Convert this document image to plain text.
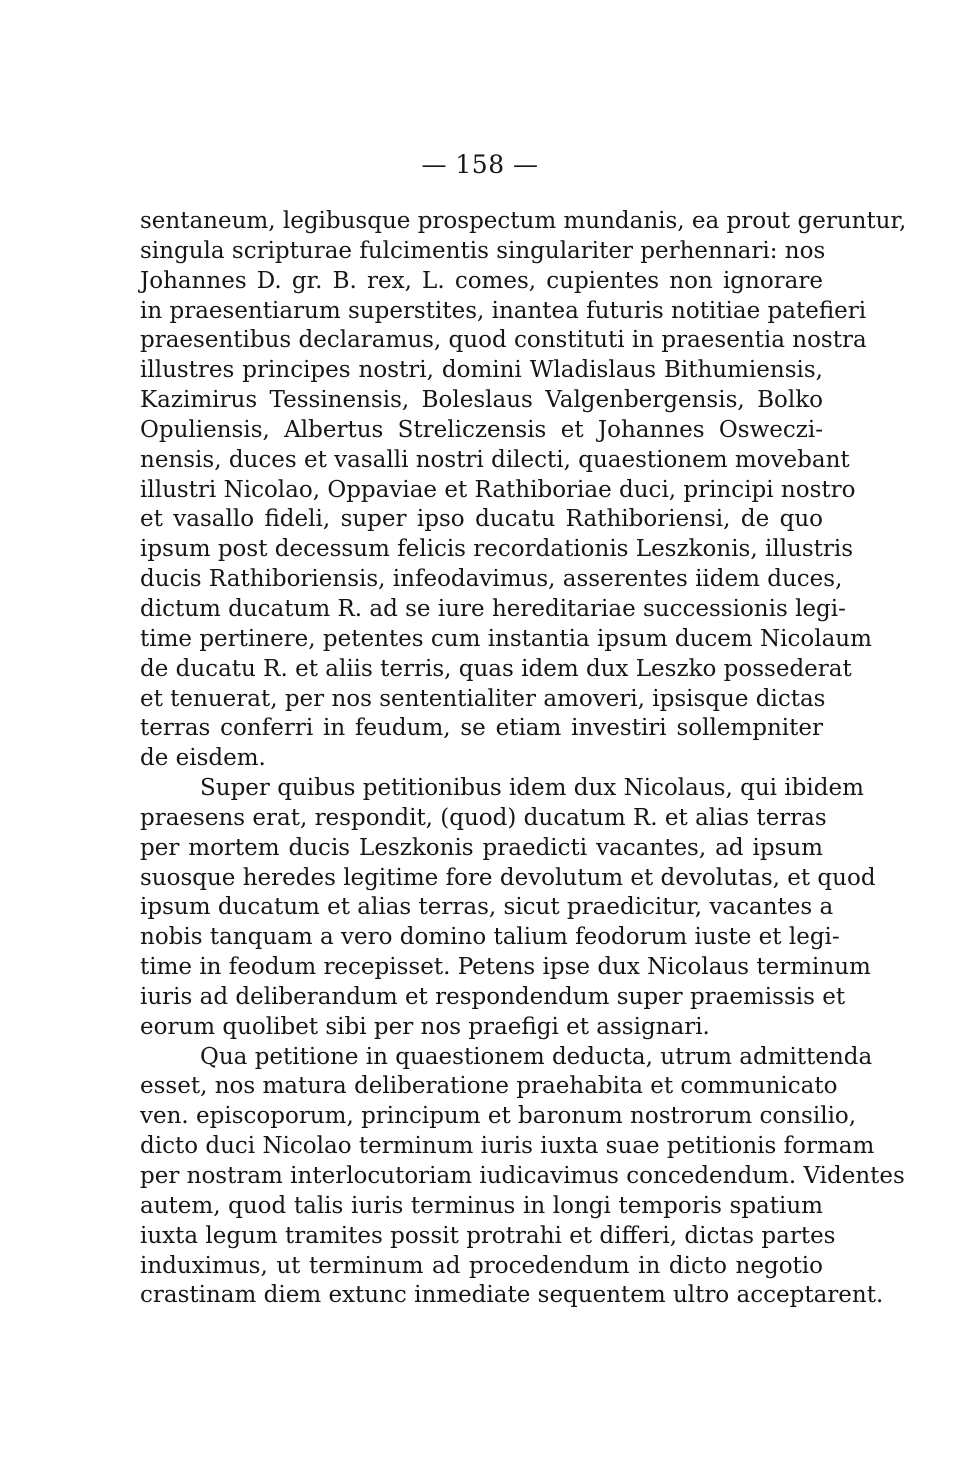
— 158 —
sentaneum, legibusque prospectum mundanis, ea prout geruntur,
singula scripturae fulcimentis singulariter perhennari: nos
Johannes D. gr. B. rex, L. comes, cupientes non ignorare
in praesentiarum superstites, inantea futuris notitiae patefieri
praesentibus declaramus, quod constituti in praesentia nostra
illustres principes nostri, domini Wladislaus Bithumiensis,
Kazimirus Tessinensis, Boleslaus Valgenbergensis, Bolko
Opuliensis, Albertus Streliczensis et Johannes Osweczi-
nensis, duces et vasalli nostri dilecti, quaestionem movebant
illustri Nicolao, Oppaviae et Rathiboriae duci, principi nostro
et vasallo fideli, super ipso ducatu Rathiboriensi, de quo
ipsum post decessum felicis recordationis Leszkonis, illustris
ducis Rathiboriensis, infeodavimus, asserentes iidem duces,
dictum ducatum R. ad se iure hereditariae successionis legi-
time pertinere, petentes cum instantia ipsum ducem Nicolaum
de ducatu R. et aliis terris, quas idem dux Leszko possederat
et tenuerat, per nos sententialiter amoveri, ipsisque dictas
terras conferri in feudum, se etiam investiri sollempniter
de eisdem.
Super quibus petitionibus idem dux Nicolaus, qui ibidem
praesens erat, respondit, (quod) ducatum R. et alias terras
per mortem ducis Leszkonis praedicti vacantes, ad ipsum
suosque heredes legitime fore devolutum et devolutas, et quod
ipsum ducatum et alias terras, sicut praedicitur, vacantes a
nobis tanquam a vero domino talium feodorum iuste et legi-
time in feodum recepisset. Petens ipse dux Nicolaus terminum
iuris ad deliberandum et respondendum super praemissis et
eorum quolibet sibi per nos praefigi et assignari.
Qua petitione in quaestionem deducta, utrum admittenda
esset, nos matura deliberatione praehabita et communicato
ven. episcoporum, principum et baronum nostrorum consilio,
dicto duci Nicolao terminum iuris iuxta suae petitionis formam
per nostram interlocutoriam iudicavimus concedendum. Videntes
autem, quod talis iuris terminus in longi temporis spatium
iuxta legum tramites possit protrahi et differi, dictas partes
induximus, ut terminum ad procedendum in dicto negotio
crastinam diem extunc inmediate sequentem ultro acceptarent.
